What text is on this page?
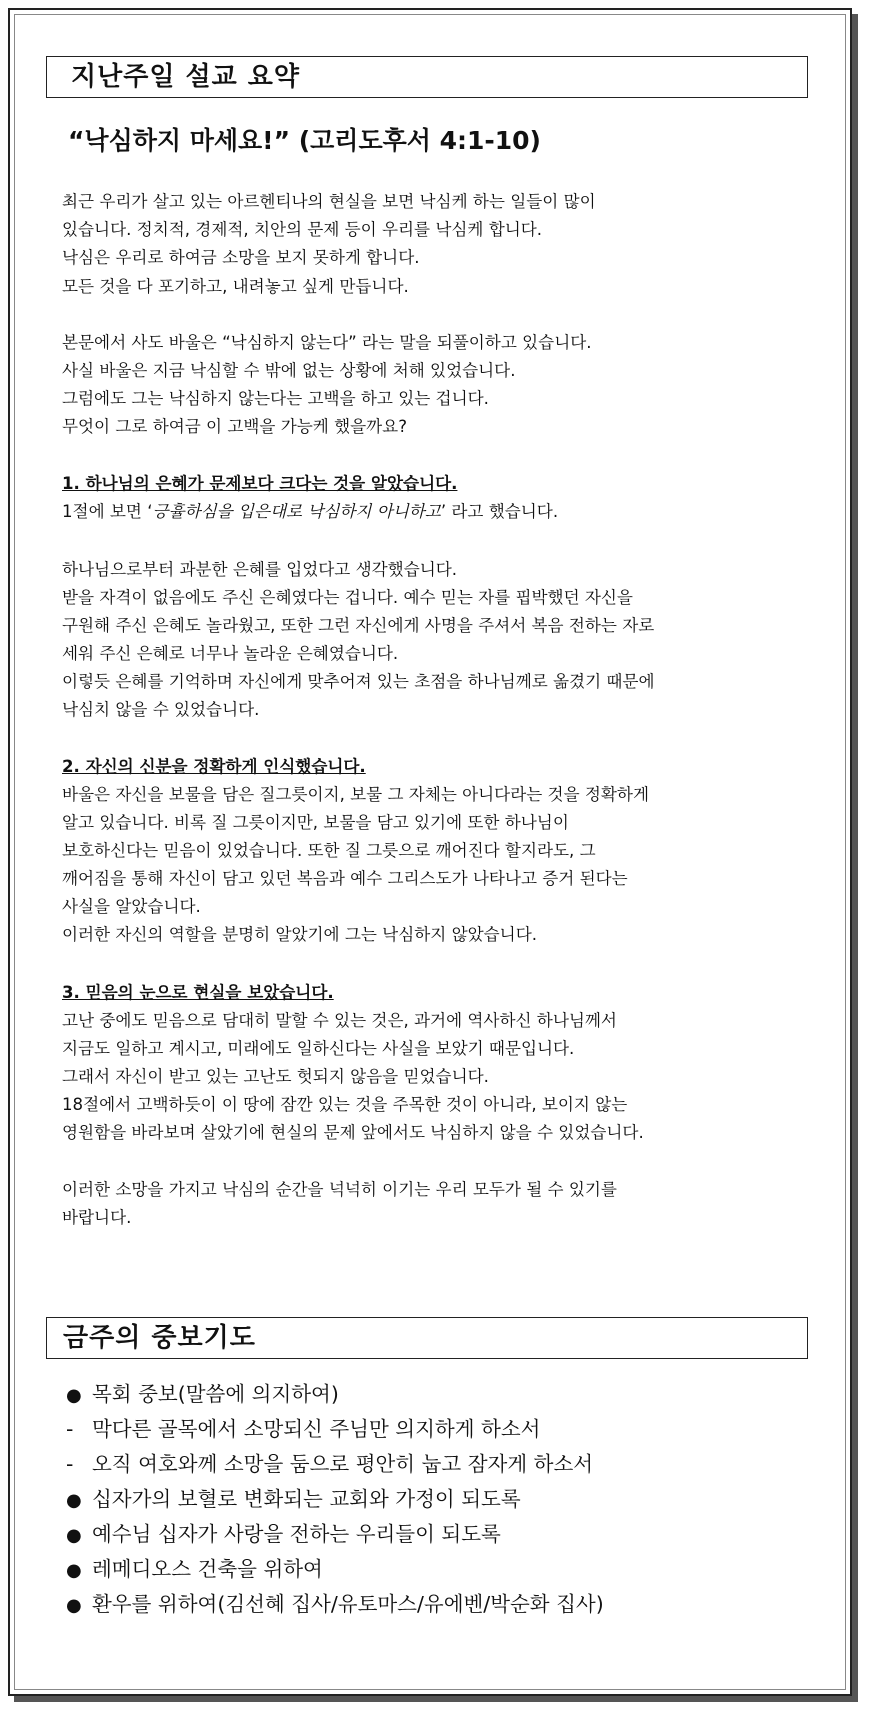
지난주일 설교 요약
“낙심하지 마세요!” (고리도후서 4:1-10)
최근 우리가 살고 있는 아르헨티나의 현실을 보면 낙심케 하는 일들이 많이
있습니다. 정치적, 경제적, 치안의 문제 등이 우리를 낙심케 합니다.
낙심은 우리로 하여금 소망을 보지 못하게 합니다.
모든 것을 다 포기하고, 내려놓고 싶게 만듭니다.
본문에서 사도 바울은 “낙심하지 않는다” 라는 말을 되풀이하고 있습니다.
사실 바울은 지금 낙심할 수 밖에 없는 상황에 처해 있었습니다.
그럼에도 그는 낙심하지 않는다는 고백을 하고 있는 겁니다.
무엇이 그로 하여금 이 고백을 가능케 했을까요?
1. 하나님의 은혜가 문제보다 크다는 것을 알았습니다.
1절에 보면 ‘긍휼하심을 입은대로 낙심하지 아니하고’ 라고 했습니다.
하나님으로부터 과분한 은혜를 입었다고 생각했습니다.
받을 자격이 없음에도 주신 은혜였다는 겁니다. 예수 믿는 자를 핍박했던 자신을
구원해 주신 은혜도 놀라웠고, 또한 그런 자신에게 사명을 주셔서 복음 전하는 자로
세워 주신 은혜로 너무나 놀라운 은혜였습니다.
이렇듯 은혜를 기억하며 자신에게 맞추어져 있는 초점을 하나님께로 옮겼기 때문에
낙심치 않을 수 있었습니다.
2. 자신의 신분을 정확하게 인식했습니다.
바울은 자신을 보물을 담은 질그릇이지, 보물 그 자체는 아니다라는 것을 정확하게
알고 있습니다. 비록 질 그릇이지만, 보물을 담고 있기에 또한 하나님이
보호하신다는 믿음이 있었습니다. 또한 질 그릇으로 깨어진다 할지라도, 그
깨어짐을 통해 자신이 담고 있던 복음과 예수 그리스도가 나타나고 증거 된다는
사실을 알았습니다.
이러한 자신의 역할을 분명히 알았기에 그는 낙심하지 않았습니다.
3. 믿음의 눈으로 현실을 보았습니다.
고난 중에도 믿음으로 담대히 말할 수 있는 것은, 과거에 역사하신 하나님께서
지금도 일하고 계시고, 미래에도 일하신다는 사실을 보았기 때문입니다.
그래서 자신이 받고 있는 고난도 헛되지 않음을 믿었습니다.
18절에서 고백하듯이 이 땅에 잠깐 있는 것을 주목한 것이 아니라, 보이지 않는
영원함을 바라보며 살았기에 현실의 문제 앞에서도 낙심하지 않을 수 있었습니다.
이러한 소망을 가지고 낙심의 순간을 넉넉히 이기는 우리 모두가 될 수 있기를
바랍니다.
금주의 중보기도
● 목회 중보(말씀에 의지하여)
- 막다른 골목에서 소망되신 주님만 의지하게 하소서
- 오직 여호와께 소망을 둠으로 평안히 눕고 잠자게 하소서
● 십자가의 보혈로 변화되는 교회와 가정이 되도록
● 예수님 십자가 사랑을 전하는 우리들이 되도록
● 레메디오스 건축을 위하여
● 환우를 위하여(김선혜 집사/유토마스/유에벤/박순화 집사)
